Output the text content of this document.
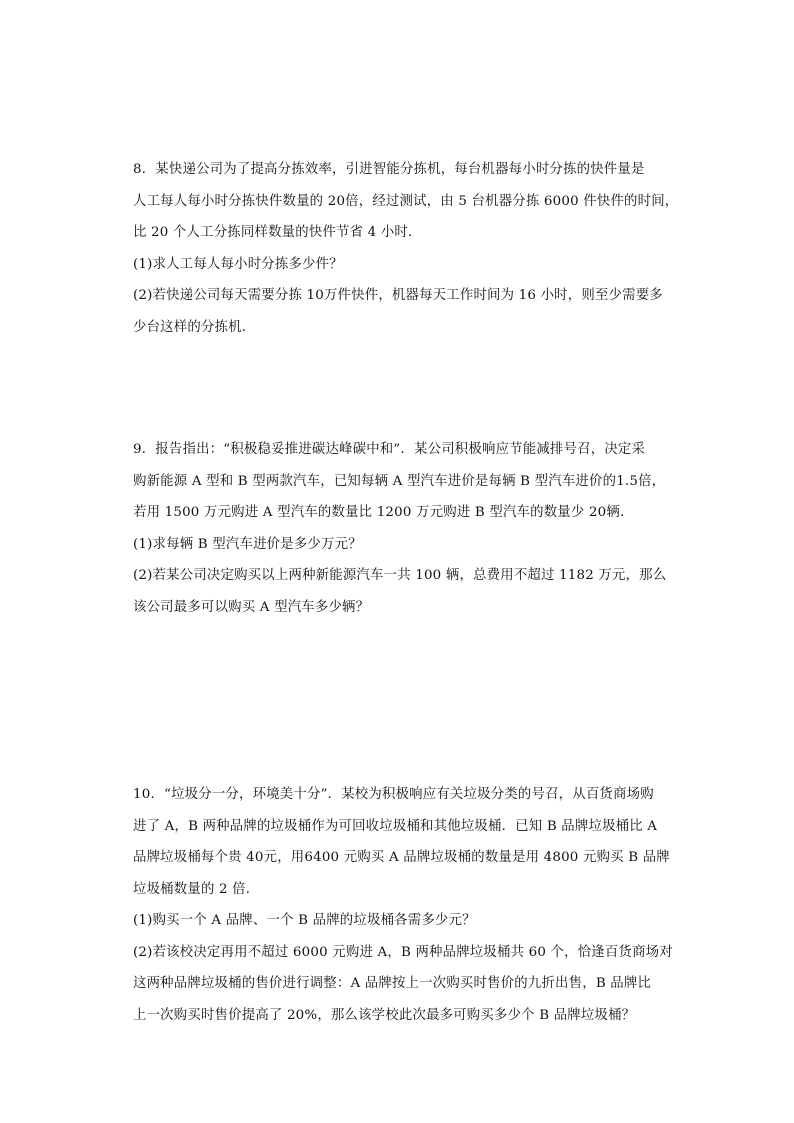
8．某快递公司为了提高分拣效率，引进智能分拣机，每台机器每小时分拣的快件量是
人工每人每小时分拣快件数量的 20倍，经过测试，由 5 台机器分拣 6000 件快件的时间，
比 20 个人工分拣同样数量的快件节省 4 小时．
(1)求人工每人每小时分拣多少件？
(2)若快递公司每天需要分拣 10万件快件，机器每天工作时间为 16 小时，则至少需要多
少台这样的分拣机．
9．报告指出：“积极稳妥推进碳达峰碳中和”．某公司积极响应节能减排号召，决定采
购新能源 A 型和 B 型两款汽车，已知每辆 A 型汽车进价是每辆 B 型汽车进价的1.5倍，
若用 1500 万元购进 A 型汽车的数量比 1200 万元购进 B 型汽车的数量少 20辆．
(1)求每辆 B 型汽车进价是多少万元？
(2)若某公司决定购买以上两种新能源汽车一共 100 辆，总费用不超过 1182 万元，那么
该公司最多可以购买 A 型汽车多少辆？
10．“垃圾分一分，环境美十分”．某校为积极响应有关垃圾分类的号召，从百货商场购
进了 A，B 两种品牌的垃圾桶作为可回收垃圾桶和其他垃圾桶．已知 B 品牌垃圾桶比 A
品牌垃圾桶每个贵 40元，用6400 元购买 A 品牌垃圾桶的数量是用 4800 元购买 B 品牌
垃圾桶数量的 2 倍．
(1)购买一个 A 品牌、一个 B 品牌的垃圾桶各需多少元？
(2)若该校决定再用不超过 6000 元购进 A，B 两种品牌垃圾桶共 60 个，恰逢百货商场对
这两种品牌垃圾桶的售价进行调整：A 品牌按上一次购买时售价的九折出售，B 品牌比
上一次购买时售价提高了 20%，那么该学校此次最多可购买多少个 B 品牌垃圾桶？
